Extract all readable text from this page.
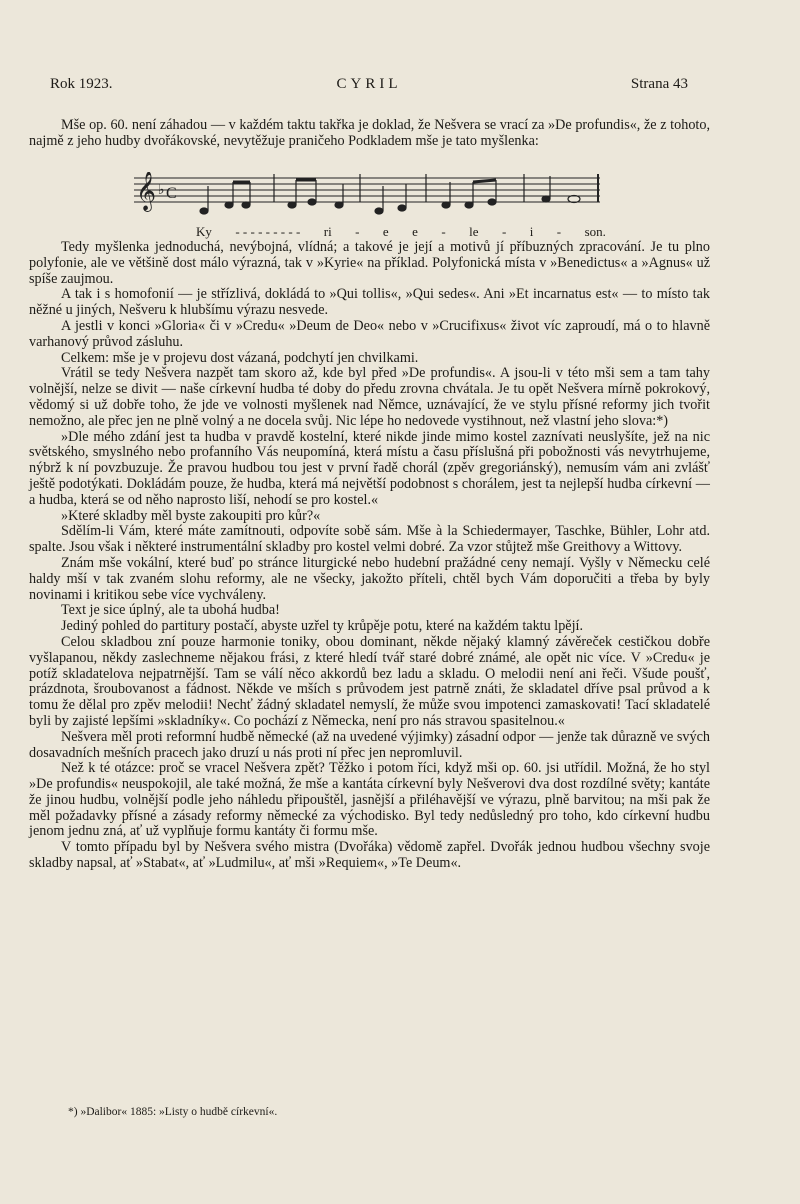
Rok 1923.	CYRIL	Strana 43

Mše op. 60. není záhadou — v každém taktu takřka je doklad, že Nešvera se vrací za »De profundis«, že z tohoto, najmě z jeho hudby dvořákovské, nevytěžuje praničeho Podkladem mše je tato myšlenka:

𝄞 ♭ C
Ky - - - - - - - - - ri - e e - le - i - son.

Tedy myšlenka jednoduchá, nevýbojná, vlídná; a takové je její a motivů jí příbuzných zpracování. Je tu plno polyfonie, ale ve většině dost málo výrazná, tak v »Kyrie« na příklad. Polyfonická místa v »Benedictus« a »Agnus« už spíše zaujmou.

A tak i s homofonií — je střízlivá, dokládá to »Qui tollis«, »Qui sedes«. Ani »Et incarnatus est« — to místo tak něžné u jiných, Nešveru k hlubšímu výrazu nesvede.

A jestli v konci »Gloria« či v »Credu« »Deum de Deo« nebo v »Crucifixus« život víc zaproudí, má o to hlavně varhanový průvod zásluhu.

Celkem: mše je v projevu dost vázaná, podchytí jen chvilkami.

Vrátil se tedy Nešvera nazpět tam skoro až, kde byl před »De profundis«. A jsou-li v této mši sem a tam tahy volnější, nelze se divit — naše církevní hudba té doby do předu zrovna chvátala. Je tu opět Nešvera mírně pokrokový, vědomý si už dobře toho, že jde ve volnosti myšlenek nad Němce, uznávající, že ve stylu přísné reformy jich tvořit nemožno, ale přec jen ne plně volný a ne docela svůj. Nic lépe ho nedovede vystihnout, než vlastní jeho slova:*)

»Dle mého zdání jest ta hudba v pravdě kostelní, které nikde jinde mimo kostel zaznívati neuslyšíte, jež na nic světského, smyslného nebo profanního Vás neupomíná, která místu a času příslušná při pobožnosti vás nevytrhujeme, nýbrž k ní povzbuzuje. Že pravou hudbou tou jest v první řadě chorál (zpěv gregoriánský), nemusím vám ani zvlášť ještě podotýkati. Dokládám pouze, že hudba, která má největší podobnost s chorálem, jest ta nejlepší hudba církevní — a hudba, která se od něho naprosto liší, nehodí se pro kostel.«

»Které skladby měl byste zakoupiti pro kůr?«

Sdělím-li Vám, které máte zamítnouti, odpovíte sobě sám. Mše à la Schiedermayer, Taschke, Bühler, Lohr atd. spalte. Jsou však i některé instrumentální skladby pro kostel velmi dobré. Za vzor stůjtež mše Greithovy a Wittovy.

Znám mše vokální, které buď po stránce liturgické nebo hudební pražádné ceny nemají. Vyšly v Německu celé haldy mší v tak zvaném slohu reformy, ale ne všecky, jakožto příteli, chtěl bych Vám doporučiti a třeba by byly novinami i kritikou sebe více vychváleny.

Text je sice úplný, ale ta ubohá hudba!

Jediný pohled do partitury postačí, abyste uzřel ty krůpěje potu, které na každém taktu lpějí.

Celou skladbou zní pouze harmonie toniky, obou dominant, někde nějaký klamný závěreček cestičkou dobře vyšlapanou, někdy zaslechneme nějakou frási, z které hledí tvář staré dobré známé, ale opět nic více. V »Credu« je potíž skladatelova nejpatrnější. Tam se válí něco akkordů bez ladu a skladu. O melodii není ani řeči. Všude poušť, prázdnota, šroubovanost a fádnost. Někde ve mších s průvodem jest patrně znáti, že skladatel dříve psal průvod a k tomu že dělal pro zpěv melodii! Nechť žádný skladatel nemyslí, že může svou impotenci zamaskovati! Tací skladatelé byli by zajisté lepšími »skladníky«. Co pochází z Německa, není pro nás stravou spasitelnou.«

Nešvera měl proti reformní hudbě německé (až na uvedené výjimky) zásadní odpor — jenže tak důrazně ve svých dosavadních mešních pracech jako druzí u nás proti ní přec jen nepromluvil.

Než k té otázce: proč se vracel Nešvera zpět? Těžko i potom říci, když mši op. 60. jsi utřídil. Možná, že ho styl »De profundis« neuspokojil, ale také možná, že mše a kantáta církevní byly Nešverovi dva dost rozdílné světy; kantáte že jinou hudbu, volnější podle jeho náhledu připouštěl, jasnější a přiléhavější ve výrazu, plně barvitou; na mši pak že měl požadavky přísné a zásady reformy německé za východisko. Byl tedy nedůsledný pro toho, kdo církevní hudbu jenom jednu zná, ať už vyplňuje formu kantáty či formu mše.

V tomto případu byl by Nešvera svého mistra (Dvořáka) vědomě zapřel. Dvořák jednou hudbou všechny svoje skladby napsal, ať »Stabat«, ať »Ludmilu«, ať mši »Requiem«, »Te Deum«.

*) »Dalibor« 1885: »Listy o hudbě církevní«.
